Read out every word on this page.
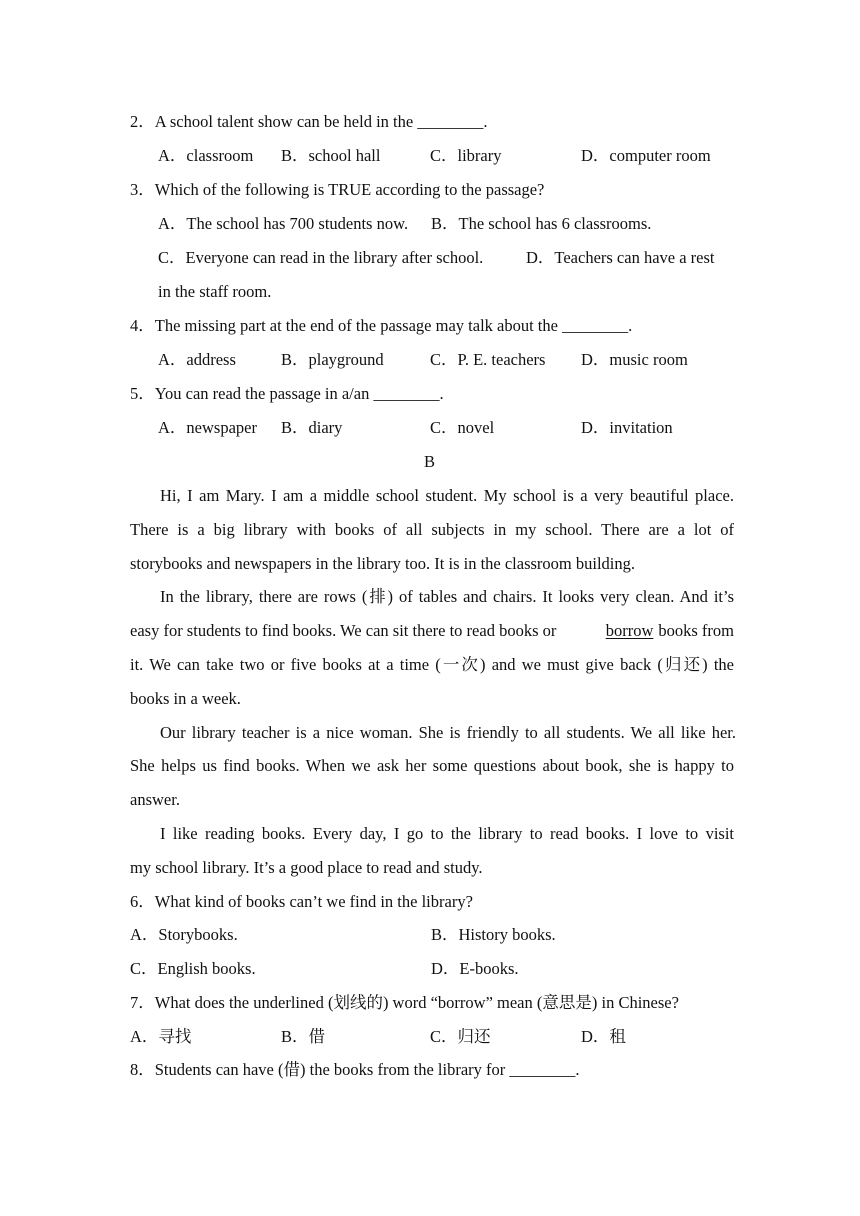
2．A school talent show can be held in the ________.
A．classroom B．school hall	C．library	D．computer room
3．Which of the following is TRUE according to the passage?
A．The school has 700 students now. B．The school has 6 classrooms.
C．Everyone can read in the library after school.	D．Teachers can have a rest
in the staff room.
4．The missing part at the end of the passage may talk about the ________.
A．address	B．playground	C．P. E. teachers D．music room
5．You can read the passage in a/an ________.
A．newspaper B．diary	C．novel	D．invitation
B
Hi, I am Mary. I am a middle school student. My school is a very beautiful place.
There is a big library with books of all subjects in my school. There are a lot of
storybooks and newspapers in the library too. It is in the classroom building.
In the library, there are rows (排) of tables and chairs. It looks very clean. And it’s
easy for students to find books. We can sit there to read books or	borrow books from
it. We can take two or five books at a time (一次) and we must give back (归还) the
books in a week.
Our library teacher is a nice woman. She is friendly to all students. We all like her.
She helps us find books. When we ask her some questions about book, she is happy to
answer.
I like reading books. Every day, I go to the library to read books. I love to visit
my school library. It’s a good place to read and study.
6．What kind of books can’t we find in the library?
A．Storybooks.	B．History books.
C．English books.	D．E-books.
7．What does the underlined (划线的) word “borrow” mean (意思是) in Chinese?
A．寻找	B．借	C．归还	D．租
8．Students can have (借) the books from the library for ________.
